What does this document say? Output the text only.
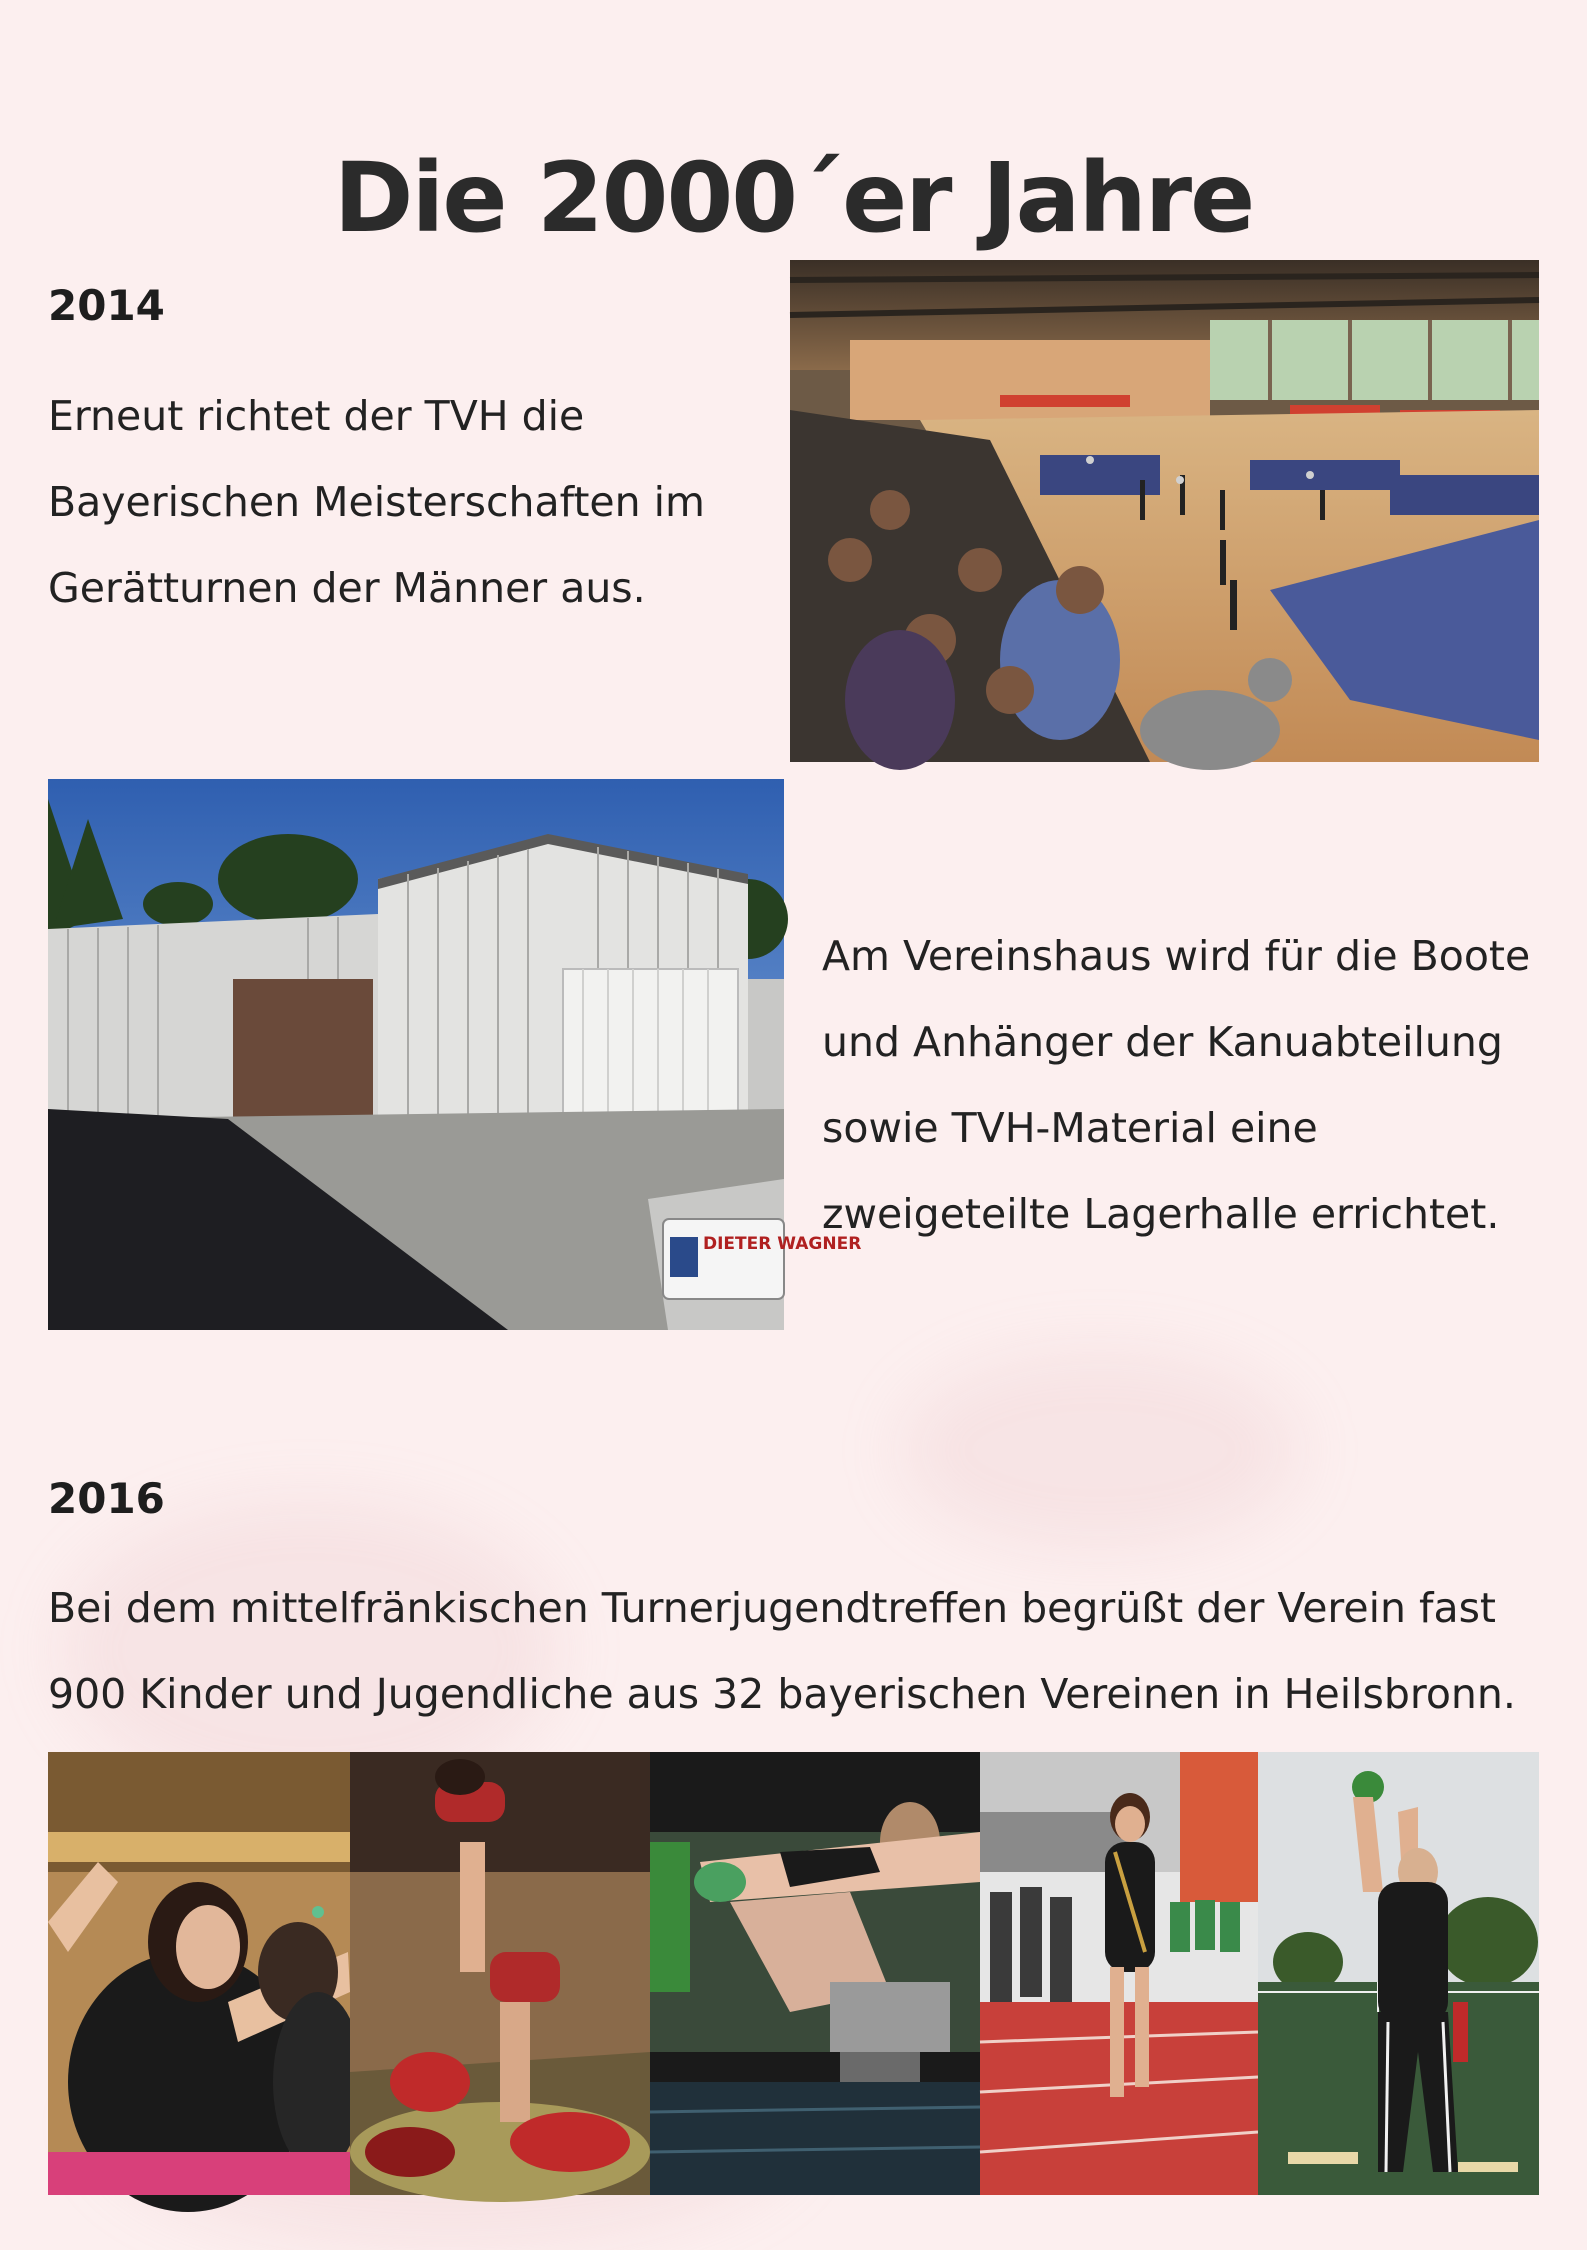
Die 2000´er Jahre
2014
Erneut richtet der TVH die
Bayerischen Meisterschaften im
Gerätturnen der Männer aus.
DIETER WAGNER
Am Vereinshaus wird für die Boote
und Anhänger der Kanuabteilung
sowie TVH-Material eine
zweigeteilte Lagerhalle errichtet.
2016
Bei dem mittelfränkischen Turnerjugendtreffen begrüßt der Verein fast
900 Kinder und Jugendliche aus 32 bayerischen Vereinen in Heilsbronn.
